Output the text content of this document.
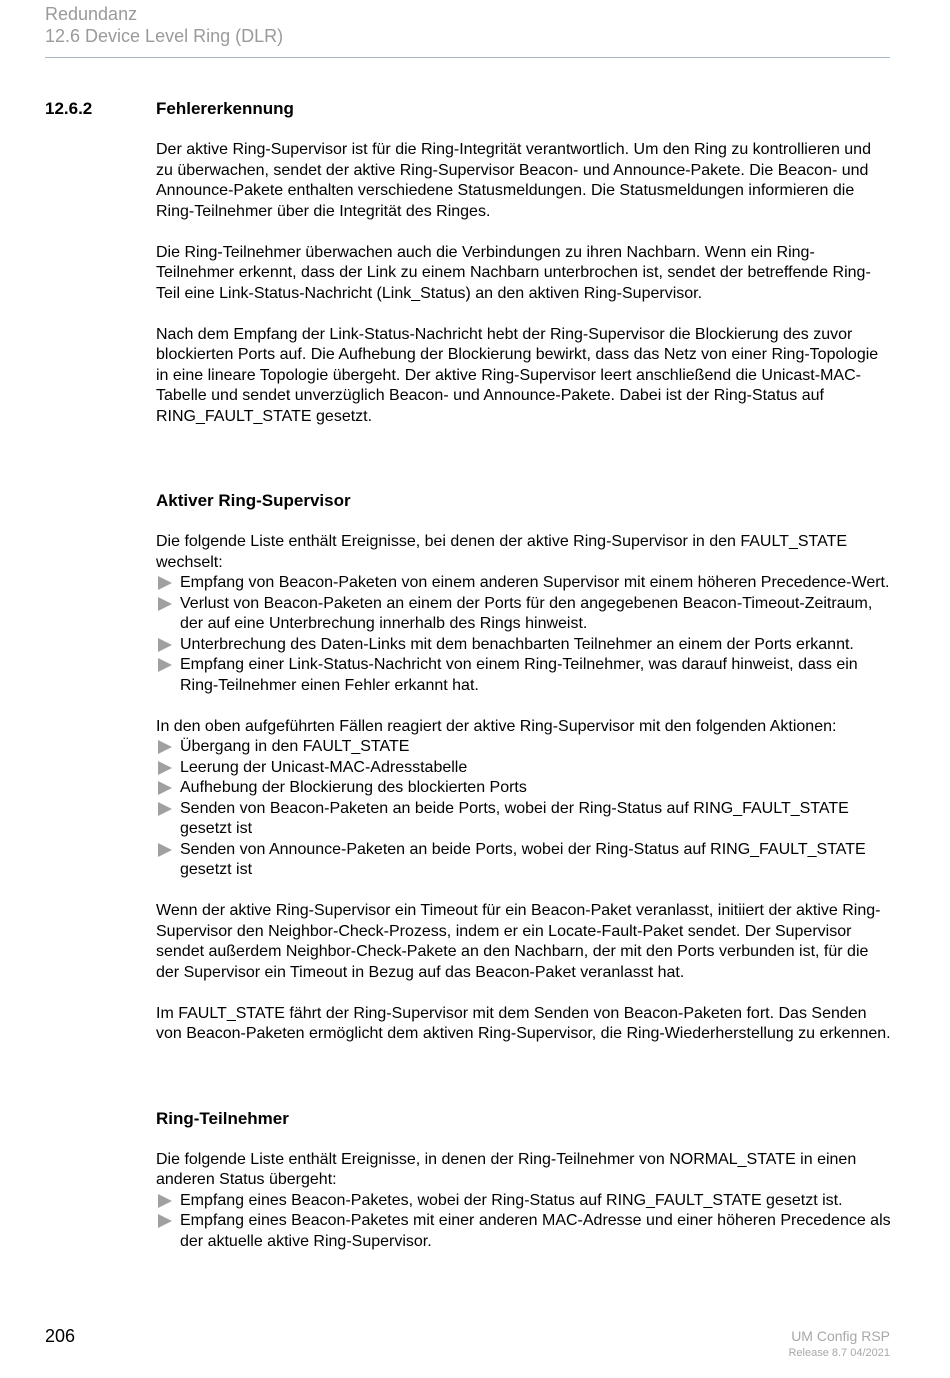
Redundanz
12.6 Device Level Ring (DLR)
12.6.2	Fehlererkennung

Der aktive Ring-Supervisor ist für die Ring-Integrität verantwortlich. Um den Ring zu kontrollieren und zu überwachen, sendet der aktive Ring-Supervisor Beacon- und Announce-Pakete. Die Beacon- und Announce-Pakete enthalten verschiedene Statusmeldungen. Die Statusmeldungen informieren die Ring-Teilnehmer über die Integrität des Ringes.

Die Ring-Teilnehmer überwachen auch die Verbindungen zu ihren Nachbarn. Wenn ein Ring-Teilnehmer erkennt, dass der Link zu einem Nachbarn unterbrochen ist, sendet der betreffende Ring-Teil eine Link-Status-Nachricht (Link_Status) an den aktiven Ring-Supervisor.

Nach dem Empfang der Link-Status-Nachricht hebt der Ring-Supervisor die Blockierung des zuvor blockierten Ports auf. Die Aufhebung der Blockierung bewirkt, dass das Netz von einer Ring-Topologie in eine lineare Topologie übergeht. Der aktive Ring-Supervisor leert anschließend die Unicast-MAC-Tabelle und sendet unverzüglich Beacon- und Announce-Pakete. Dabei ist der Ring-Status auf RING_FAULT_STATE gesetzt.

Aktiver Ring-Supervisor

Die folgende Liste enthält Ereignisse, bei denen der aktive Ring-Supervisor in den FAULT_STATE wechselt:

Empfang von Beacon-Paketen von einem anderen Supervisor mit einem höheren Precedence-Wert.
Verlust von Beacon-Paketen an einem der Ports für den angegebenen Beacon-Timeout-Zeitraum, der auf eine Unterbrechung innerhalb des Rings hinweist.
Unterbrechung des Daten-Links mit dem benachbarten Teilnehmer an einem der Ports erkannt.
Empfang einer Link-Status-Nachricht von einem Ring-Teilnehmer, was darauf hinweist, dass ein Ring-Teilnehmer einen Fehler erkannt hat.

In den oben aufgeführten Fällen reagiert der aktive Ring-Supervisor mit den folgenden Aktionen:

Übergang in den FAULT_STATE
Leerung der Unicast-MAC-Adresstabelle
Aufhebung der Blockierung des blockierten Ports
Senden von Beacon-Paketen an beide Ports, wobei der Ring-Status auf RING_FAULT_STATE gesetzt ist
Senden von Announce-Paketen an beide Ports, wobei der Ring-Status auf RING_FAULT_STATE gesetzt ist

Wenn der aktive Ring-Supervisor ein Timeout für ein Beacon-Paket veranlasst, initiiert der aktive Ring-Supervisor den Neighbor-Check-Prozess, indem er ein Locate-Fault-Paket sendet. Der Supervisor sendet außerdem Neighbor-Check-Pakete an den Nachbarn, der mit den Ports verbunden ist, für die der Supervisor ein Timeout in Bezug auf das Beacon-Paket veranlasst hat.

Im FAULT_STATE fährt der Ring-Supervisor mit dem Senden von Beacon-Paketen fort. Das Senden von Beacon-Paketen ermöglicht dem aktiven Ring-Supervisor, die Ring-Wiederherstellung zu erkennen.

Ring-Teilnehmer

Die folgende Liste enthält Ereignisse, in denen der Ring-Teilnehmer von NORMAL_STATE in einen anderen Status übergeht:

Empfang eines Beacon-Paketes, wobei der Ring-Status auf RING_FAULT_STATE gesetzt ist.
Empfang eines Beacon-Paketes mit einer anderen MAC-Adresse und einer höheren Precedence als der aktuelle aktive Ring-Supervisor.
206	UM Config RSP
Release 8.7 04/2021
